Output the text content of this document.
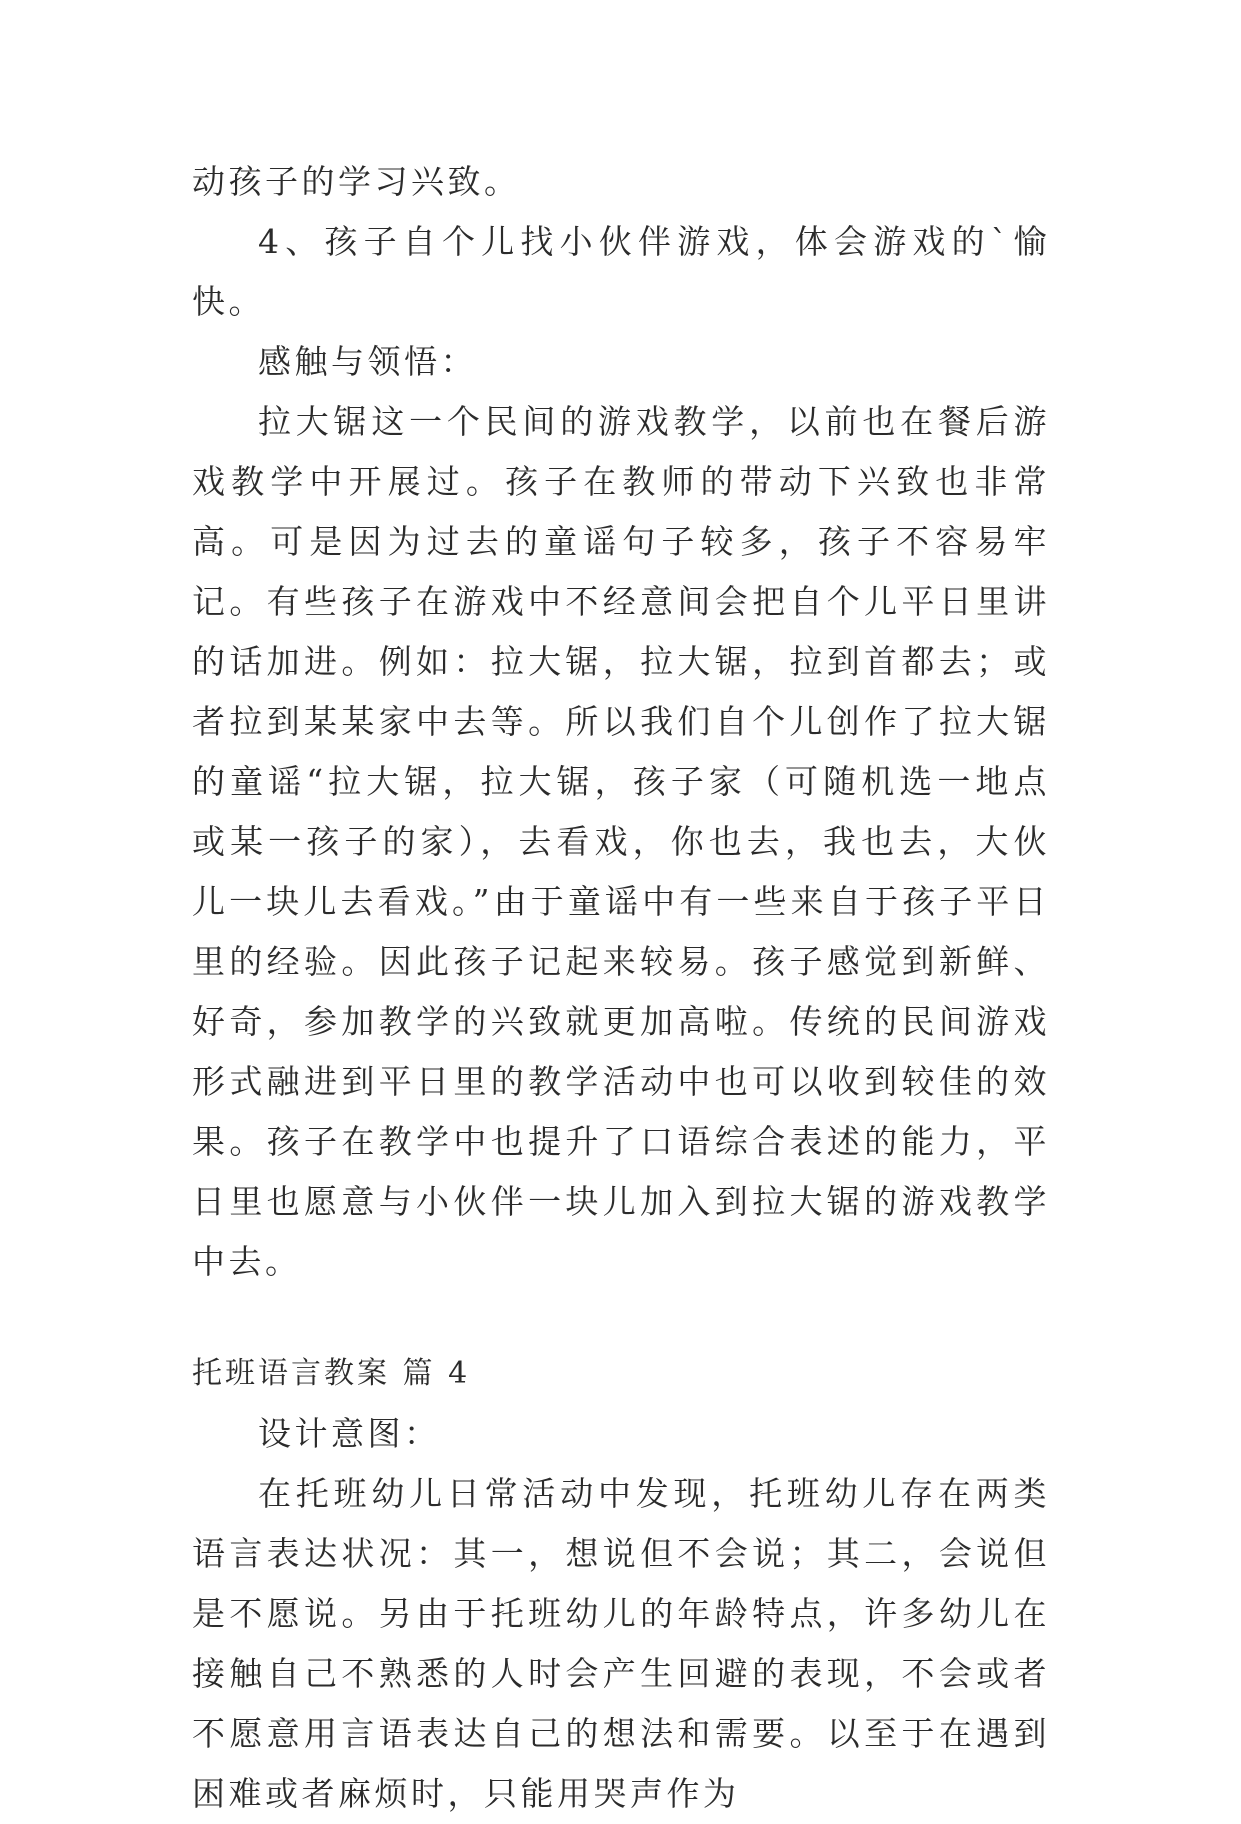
动孩子的学习兴致。

4、孩子自个儿找小伙伴游戏，体会游戏的`愉快。

感触与领悟：

拉大锯这一个民间的游戏教学，以前也在餐后游戏教学中开展过。孩子在教师的带动下兴致也非常高。可是因为过去的童谣句子较多，孩子不容易牢记。有些孩子在游戏中不经意间会把自个儿平日里讲的话加进。例如：拉大锯，拉大锯，拉到首都去；或者拉到某某家中去等。所以我们自个儿创作了拉大锯的童谣“拉大锯，拉大锯，孩子家（可随机选一地点或某一孩子的家），去看戏，你也去，我也去，大伙儿一块儿去看戏。”由于童谣中有一些来自于孩子平日里的经验。因此孩子记起来较易。孩子感觉到新鲜、好奇，参加教学的兴致就更加高啦。传统的民间游戏形式融进到平日里的教学活动中也可以收到较佳的效果。孩子在教学中也提升了口语综合表述的能力，平日里也愿意与小伙伴一块儿加入到拉大锯的游戏教学中去。

托班语言教案 篇 4

设计意图：

在托班幼儿日常活动中发现，托班幼儿存在两类语言表达状况：其一，想说但不会说；其二，会说但是不愿说。另由于托班幼儿的年龄特点，许多幼儿在接触自己不熟悉的人时会产生回避的表现，不会或者不愿意用言语表达自己的想法和需要。以至于在遇到困难或者麻烦时，只能用哭声作为
